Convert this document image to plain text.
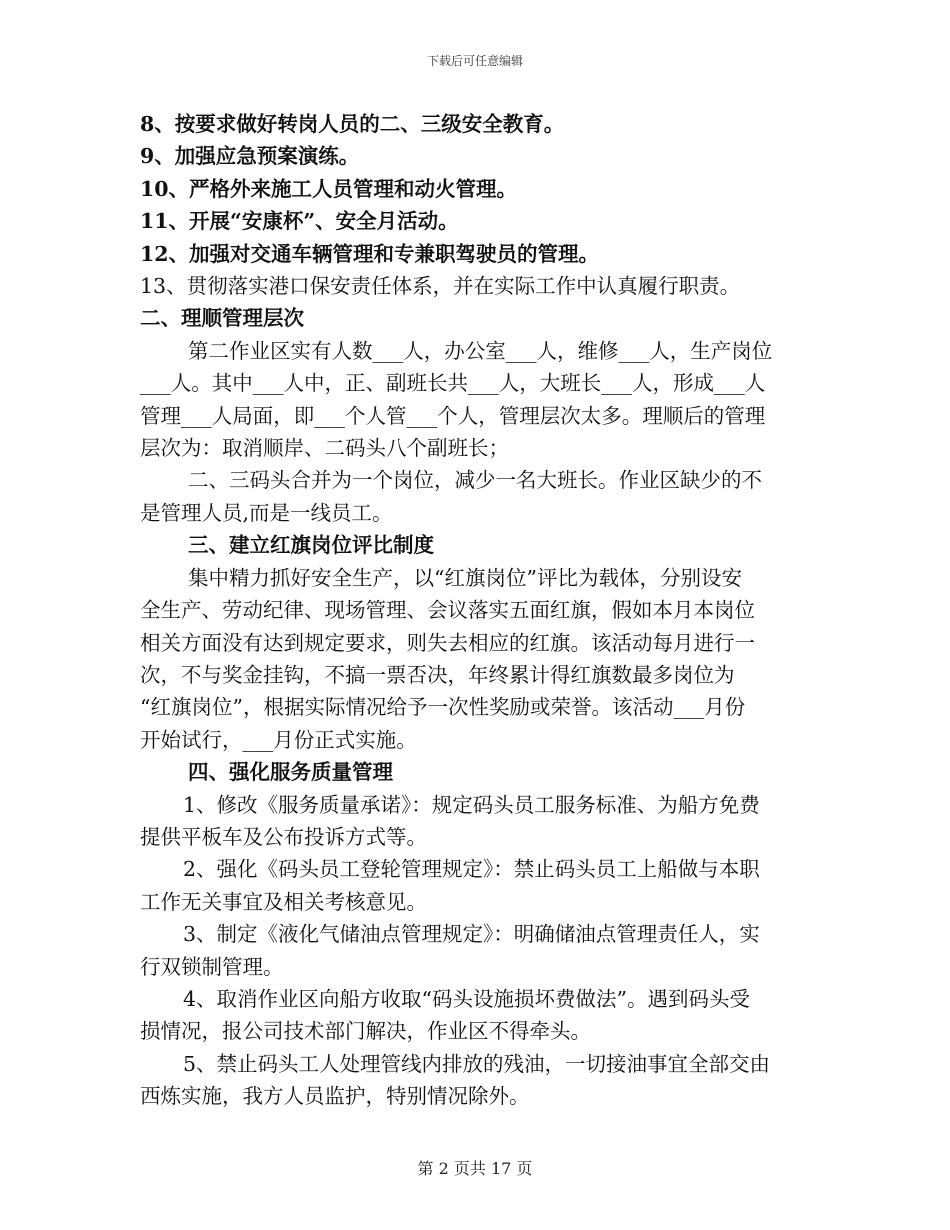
下载后可任意编辑

8、按要求做好转岗人员的二、三级安全教育。

9、加强应急预案演练。

10、严格外来施工人员管理和动火管理。

11、开展“安康杯”、安全月活动。

12、加强对交通车辆管理和专兼职驾驶员的管理。

13、贯彻落实港口保安责任体系，并在实际工作中认真履行职责。

二、理顺管理层次

第二作业区实有人数___人，办公室___人，维修___人，生产岗位

___人。其中___人中，正、副班长共___人，大班长___人，形成___人

管理___人局面，即___个人管___个人，管理层次太多。理顺后的管理

层次为：取消顺岸、二码头八个副班长；

二、三码头合并为一个岗位，减少一名大班长。作业区缺少的不

是管理人员,而是一线员工。

三、建立红旗岗位评比制度

集中精力抓好安全生产，以“红旗岗位”评比为载体，分别设安

全生产、劳动纪律、现场管理、会议落实五面红旗，假如本月本岗位

相关方面没有达到规定要求，则失去相应的红旗。该活动每月进行一

次，不与奖金挂钩，不搞一票否决，年终累计得红旗数最多岗位为

“红旗岗位”，根据实际情况给予一次性奖励或荣誉。该活动___月份

开始试行，___月份正式实施。

四、强化服务质量管理

1、修改《服务质量承诺》：规定码头员工服务标准、为船方免费

提供平板车及公布投诉方式等。

2、强化《码头员工登轮管理规定》：禁止码头员工上船做与本职

工作无关事宜及相关考核意见。

3、制定《液化气储油点管理规定》：明确储油点管理责任人，实

行双锁制管理。

4、取消作业区向船方收取“码头设施损坏费做法”。遇到码头受

损情况，报公司技术部门解决，作业区不得牵头。

5、禁止码头工人处理管线内排放的残油，一切接油事宜全部交由

西炼实施，我方人员监护，特别情况除外。

第 2 页共 17 页
